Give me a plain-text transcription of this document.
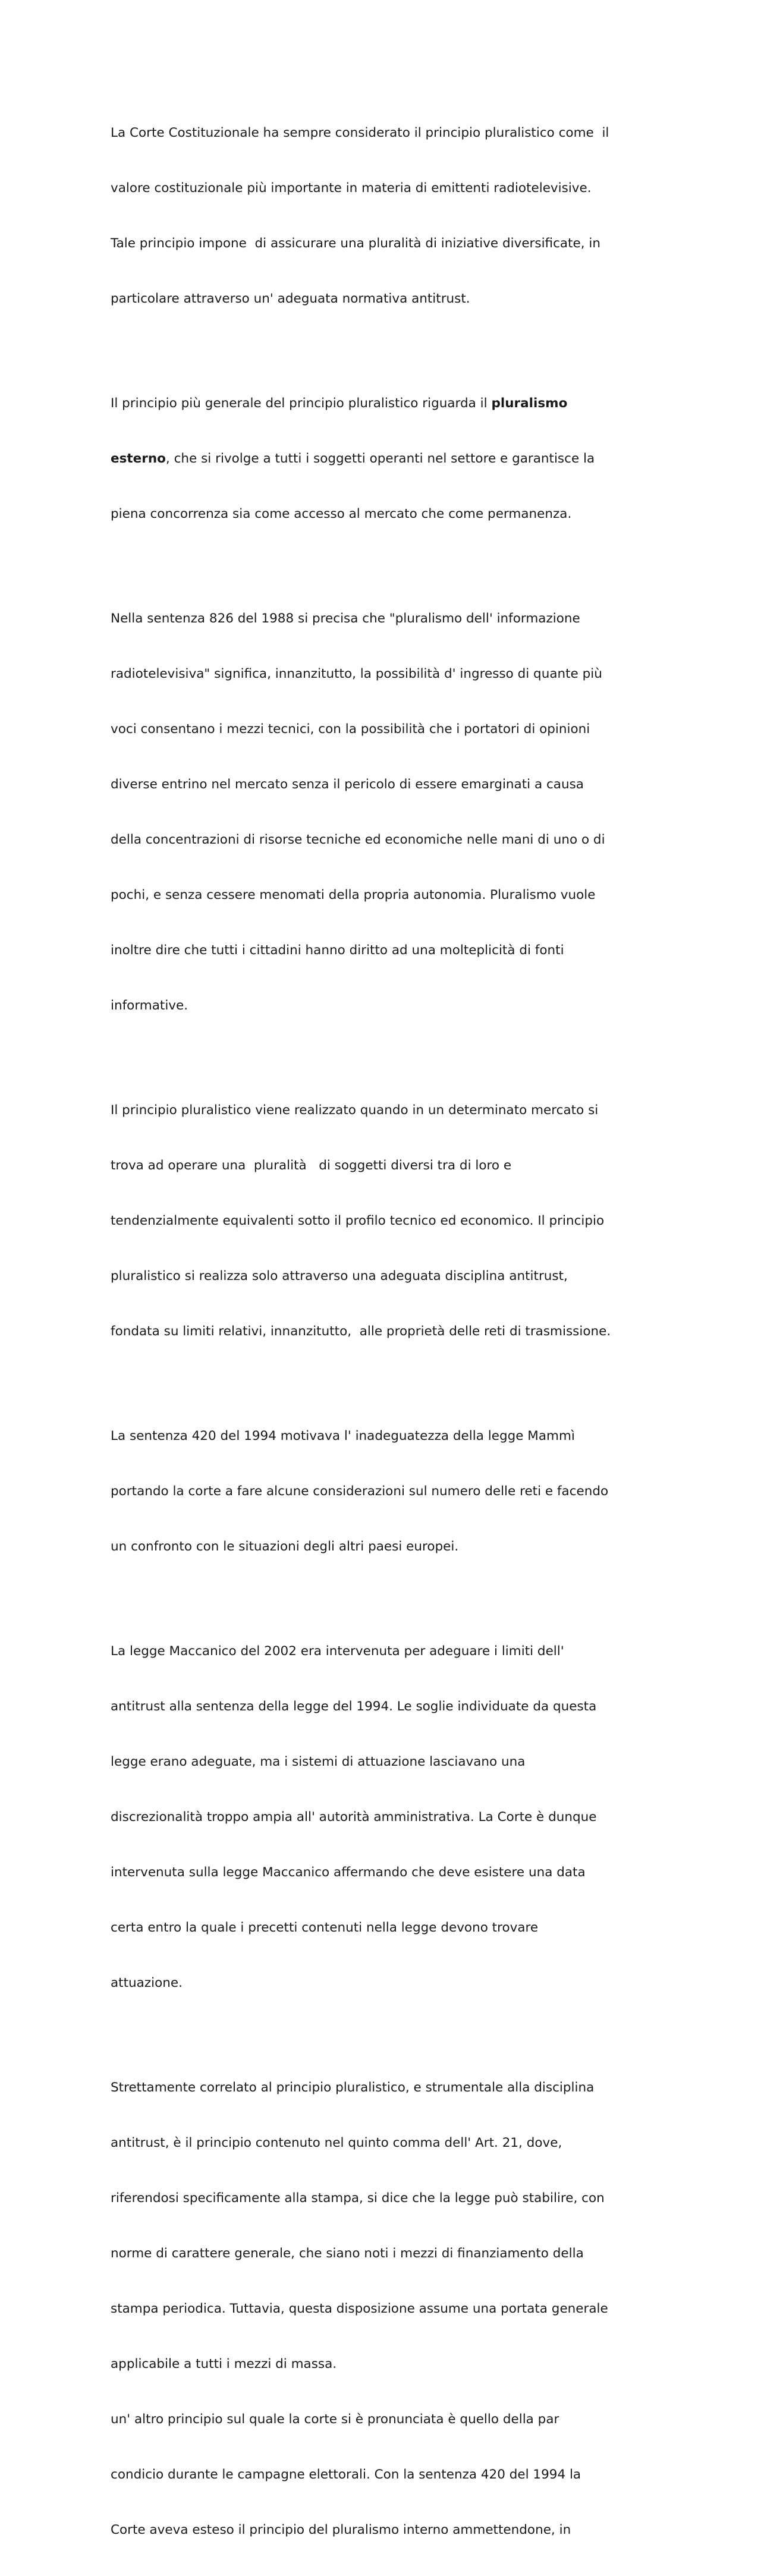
La Corte Costituzionale ha sempre considerato il principio pluralistico come  il

valore costituzionale più importante in materia di emittenti radiotelevisive.

Tale principio impone  di assicurare una pluralità di iniziative diversificate, in

particolare attraverso un' adeguata normativa antitrust.

Il principio più generale del principio pluralistico riguarda il pluralismo

esterno, che si rivolge a tutti i soggetti operanti nel settore e garantisce la

piena concorrenza sia come accesso al mercato che come permanenza.

Nella sentenza 826 del 1988 si precisa che "pluralismo dell' informazione

radiotelevisiva" significa, innanzitutto, la possibilità d' ingresso di quante più

voci consentano i mezzi tecnici, con la possibilità che i portatori di opinioni

diverse entrino nel mercato senza il pericolo di essere emarginati a causa

della concentrazioni di risorse tecniche ed economiche nelle mani di uno o di

pochi, e senza cessere menomati della propria autonomia. Pluralismo vuole

inoltre dire che tutti i cittadini hanno diritto ad una molteplicità di fonti

informative.

Il principio pluralistico viene realizzato quando in un determinato mercato si

trova ad operare una  pluralità   di soggetti diversi tra di loro e

tendenzialmente equivalenti sotto il profilo tecnico ed economico. Il principio

pluralistico si realizza solo attraverso una adeguata disciplina antitrust,

fondata su limiti relativi, innanzitutto,  alle proprietà delle reti di trasmissione.

La sentenza 420 del 1994 motivava l' inadeguatezza della legge Mammì

portando la corte a fare alcune considerazioni sul numero delle reti e facendo

un confronto con le situazioni degli altri paesi europei.

La legge Maccanico del 2002 era intervenuta per adeguare i limiti dell'

antitrust alla sentenza della legge del 1994. Le soglie individuate da questa

legge erano adeguate, ma i sistemi di attuazione lasciavano una

discrezionalità troppo ampia all' autorità amministrativa. La Corte è dunque

intervenuta sulla legge Maccanico affermando che deve esistere una data

certa entro la quale i precetti contenuti nella legge devono trovare

attuazione.

Strettamente correlato al principio pluralistico, e strumentale alla disciplina

antitrust, è il principio contenuto nel quinto comma dell' Art. 21, dove,

riferendosi specificamente alla stampa, si dice che la legge può stabilire, con

norme di carattere generale, che siano noti i mezzi di finanziamento della

stampa periodica. Tuttavia, questa disposizione assume una portata generale

applicabile a tutti i mezzi di massa.

un' altro principio sul quale la corte si è pronunciata è quello della par

condicio durante le campagne elettorali. Con la sentenza 420 del 1994 la

Corte aveva esteso il principio del pluralismo interno ammettendone, in
